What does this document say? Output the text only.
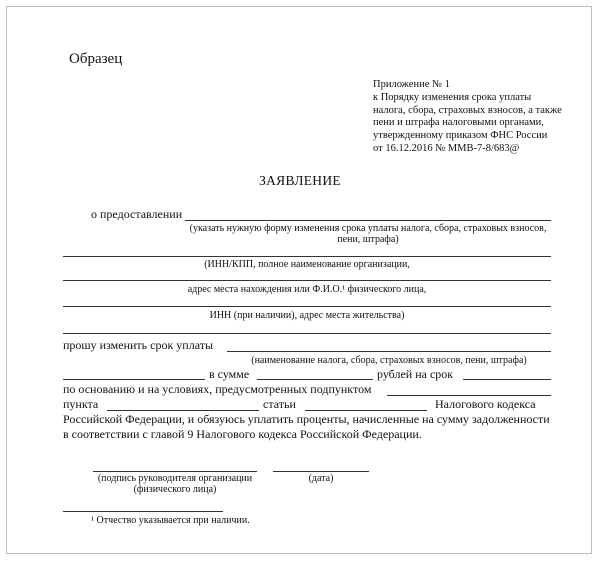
Образец
Приложение № 1
к Порядку изменения срока уплаты
налога, сбора, страховых взносов, а также
пени и штрафа налоговыми органами,
утвержденному приказом ФНС России
от 16.12.2016 № ММВ-7-8/683@
ЗАЯВЛЕНИЕ
о предоставлении
(указать нужную форму изменения срока уплаты налога, сбора, страховых взносов,
пени, штрафа)
(ИНН/КПП, полное наименование организации,
адрес места нахождения или Ф.И.О.¹ физического лица,
ИНН (при наличии), адрес места жительства)
прошу изменить срок уплаты
(наименование налога, сбора, страховых взносов, пени, штрафа)
в сумме	рублей на срок
по основанию и на условиях, предусмотренных подпунктом
пункта	статьи	Налогового кодекса
Российской Федерации, и обязуюсь уплатить проценты, начисленные на сумму задолженности
в соответствии с главой 9 Налогового кодекса Российской Федерации.
(подпись руководителя организации
(физического лица)
(дата)
¹ Отчество указывается при наличии.
